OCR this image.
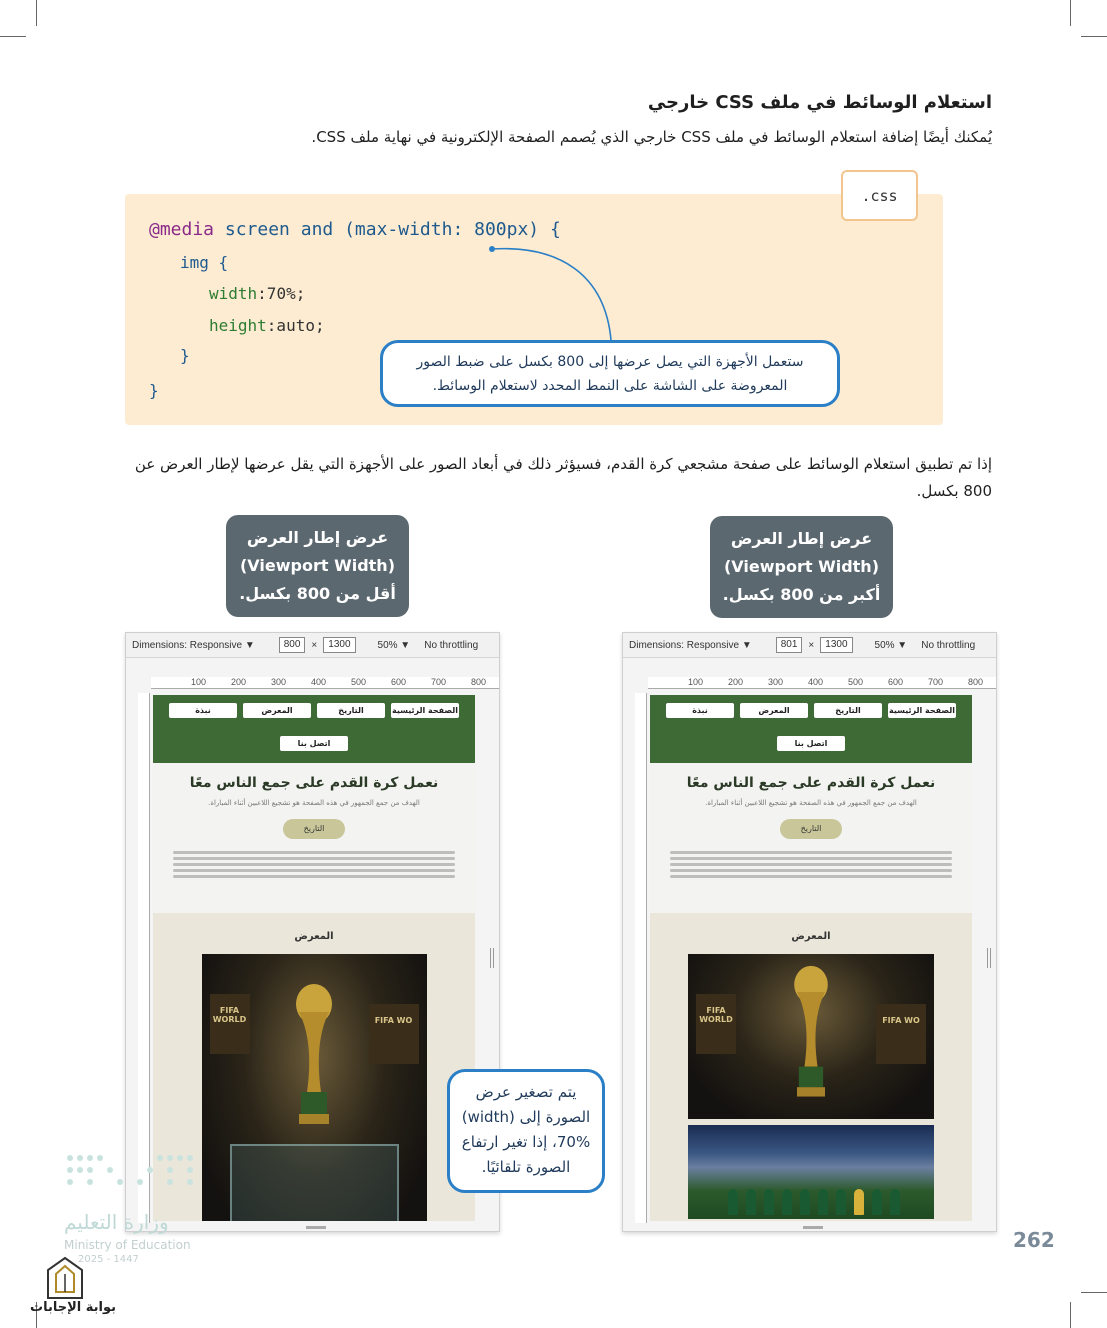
استعلام الوسائط في ملف CSS خارجي
يُمكنك أيضًا إضافة استعلام الوسائط في ملف CSS خارجي الذي يُصمم الصفحة الإلكترونية في نهاية ملف CSS.
@media screen and (max-width: 800px) {
img {
width:70%;
height:auto;
}
}
.css
ستعمل الأجهزة التي يصل عرضها إلى 800 بكسل على ضبط الصور
المعروضة على الشاشة على النمط المحدد لاستعلام الوسائط.
إذا تم تطبيق استعلام الوسائط على صفحة مشجعي كرة القدم، فسيؤثر ذلك في أبعاد الصور على الأجهزة التي يقل عرضها لإطار العرض عن 800 بكسل.
عرض إطار العرض
(Viewport Width)
أقل من 800 بكسل.
عرض إطار العرض
(Viewport Width)
أكبر من 800 بكسل.
Dimensions: Responsive ▼	800	×	1300	50% ▼ No throttling
100	200	300	400	500	600	700	800
الصفحة الرئيسية
التاريخ
المعرض
نبذة
اتصل بنا
نعمل كرة القدم على جمع الناس معًا
الهدف من جمع الجمهور في هذه الصفحة هو تشجيع اللاعبين أثناء المباراة.
التاريخ
المعرض
FIFA WORLD	FIFA WO
Dimensions: Responsive ▼	801	×	1300	50% ▼ No throttling
100	200	300	400	500	600	700	800
الصفحة الرئيسية
التاريخ
المعرض
نبذة
اتصل بنا
نعمل كرة القدم على جمع الناس معًا
الهدف من جمع الجمهور في هذه الصفحة هو تشجيع اللاعبين أثناء المباراة.
التاريخ
المعرض
FIFA WORLD	FIFA WO
يتم تصغير عرض
الصورة إلى (width)
70%، إذا تغير ارتفاع
الصورة تلقائيًا.
262
وزارة التعليم
Ministry of Education
2025 - 1447
بوابة الإجابات
